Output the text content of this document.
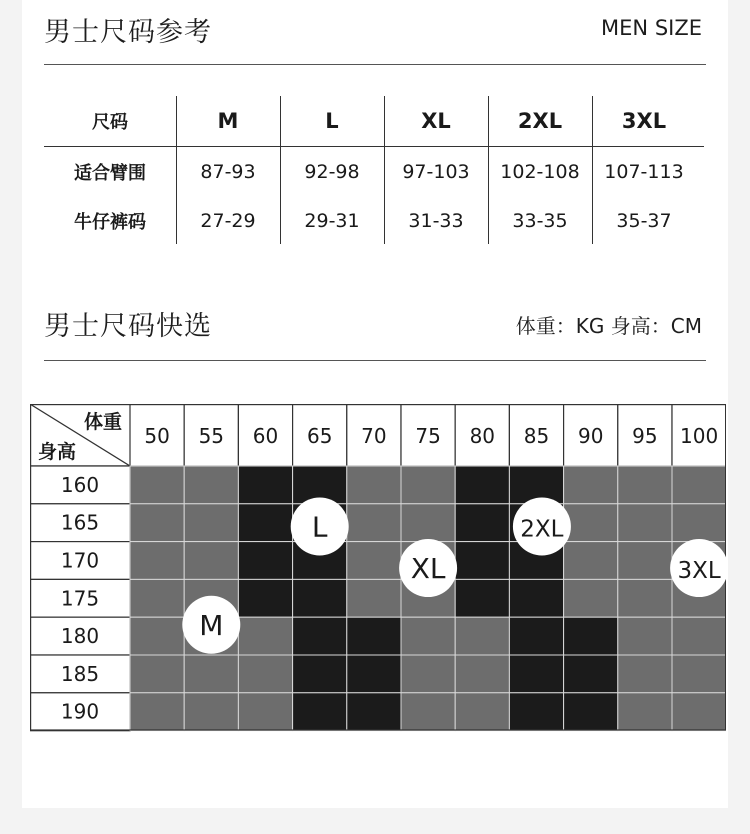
男士尺码参考	MEN SIZE
男士尺码快选	体重：KG 身高：CM
体重
身高
50 55 60 65 70 75 80 85 90 95 100
160
165
170
175
180
185
190
M
L
XL
2XL
3XL
尺码	M	L	XL	2XL	3XL
适合臂围	87-93	92-98	97-103	102-108	107-113
牛仔裤码	27-29	29-31	31-33	33-35	35-37
